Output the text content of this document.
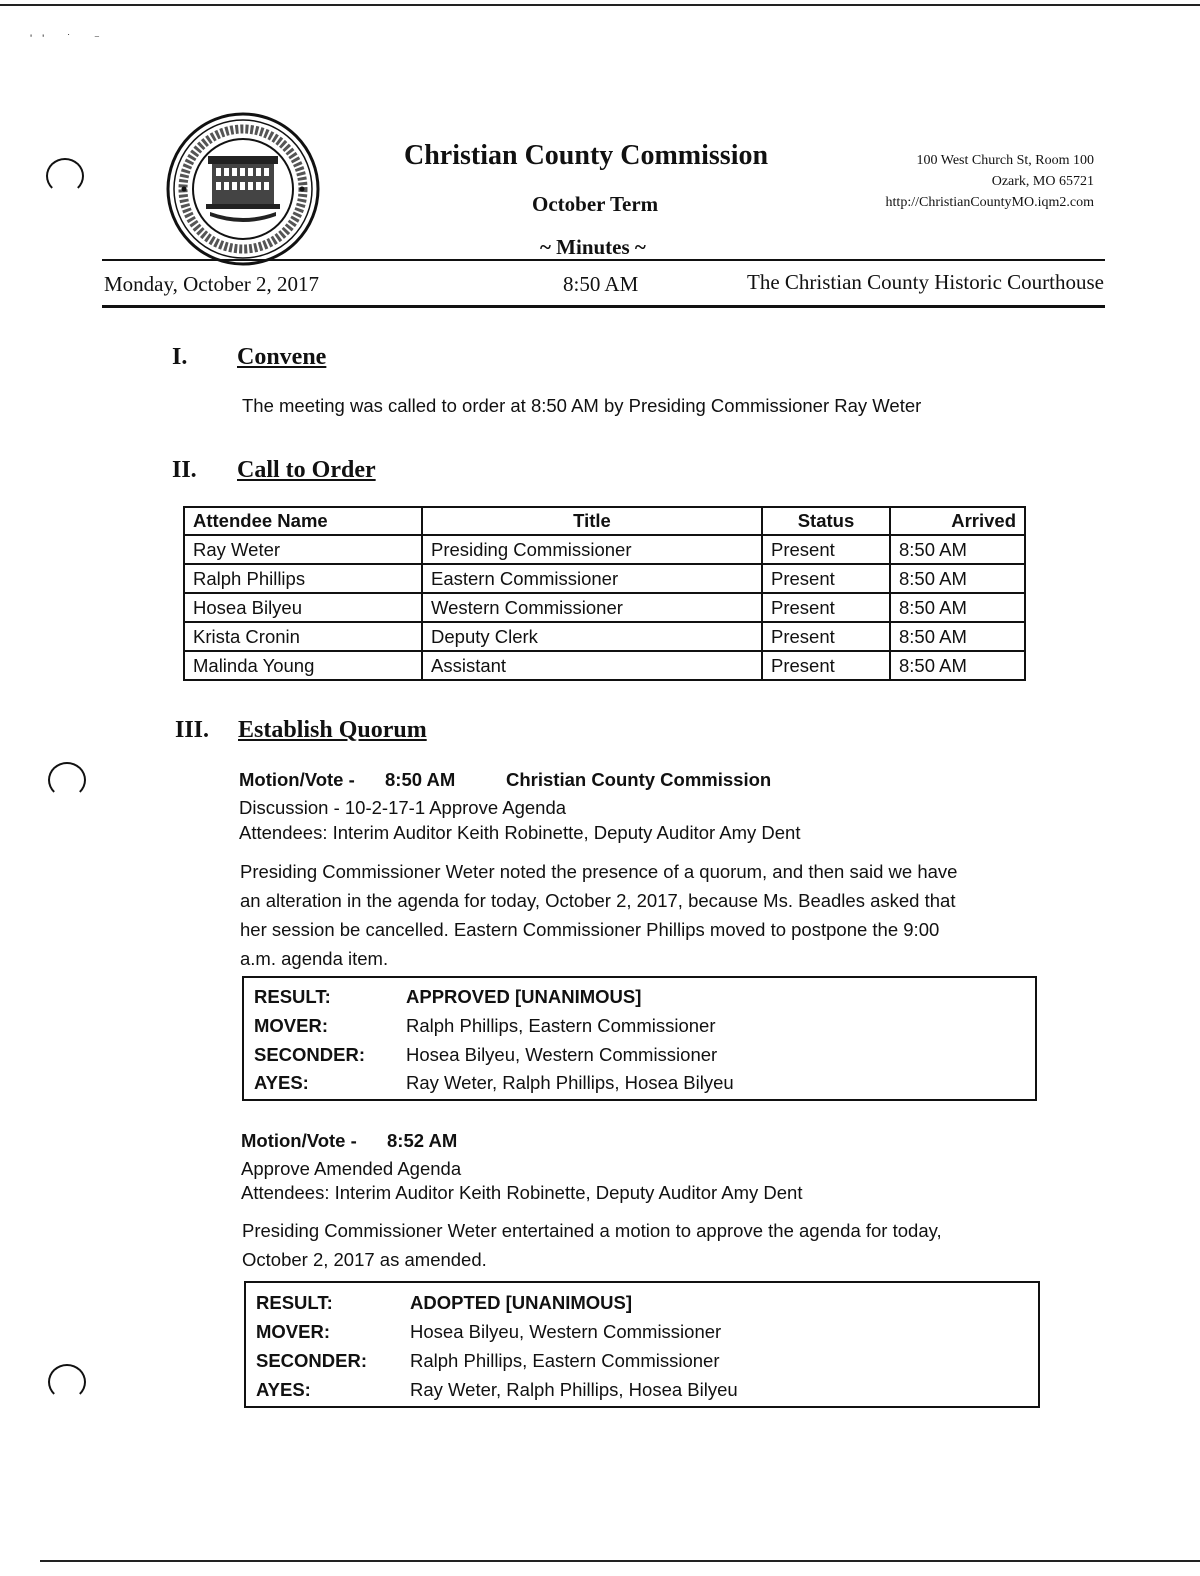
'' ˙ ⁻
Christian County Commission
October Term
~ Minutes ~
100 West Church St, Room 100
Ozark, MO 65721
http://ChristianCountyMO.iqm2.com
Monday, October 2, 2017	8:50 AM	The Christian County Historic Courthouse
I. Convene
The meeting was called to order at 8:50 AM by Presiding Commissioner Ray Weter
II. Call to Order
Attendee Name	Title	Status	Arrived
Ray Weter	Presiding Commissioner	Present	8:50 AM
Ralph Phillips	Eastern Commissioner	Present	8:50 AM
Hosea Bilyeu	Western Commissioner	Present	8:50 AM
Krista Cronin	Deputy Clerk	Present	8:50 AM
Malinda Young	Assistant	Present	8:50 AM
III. Establish Quorum
Motion/Vote - 8:50 AM	Christian County Commission
Discussion - 10-2-17-1 Approve Agenda
Attendees: Interim Auditor Keith Robinette, Deputy Auditor Amy Dent
Presiding Commissioner Weter noted the presence of a quorum, and then said we have
an alteration in the agenda for today, October 2, 2017, because Ms. Beadles asked that
her session be cancelled. Eastern Commissioner Phillips moved to postpone the 9:00
a.m. agenda item.
RESULT:	APPROVED [UNANIMOUS]
MOVER:	Ralph Phillips, Eastern Commissioner
SECONDER: Hosea Bilyeu, Western Commissioner
AYES:	Ray Weter, Ralph Phillips, Hosea Bilyeu
Motion/Vote - 8:52 AM
Approve Amended Agenda
Attendees: Interim Auditor Keith Robinette, Deputy Auditor Amy Dent
Presiding Commissioner Weter entertained a motion to approve the agenda for today,
October 2, 2017 as amended.
RESULT:	ADOPTED [UNANIMOUS]
MOVER:	Hosea Bilyeu, Western Commissioner
SECONDER: Ralph Phillips, Eastern Commissioner
AYES:	Ray Weter, Ralph Phillips, Hosea Bilyeu
